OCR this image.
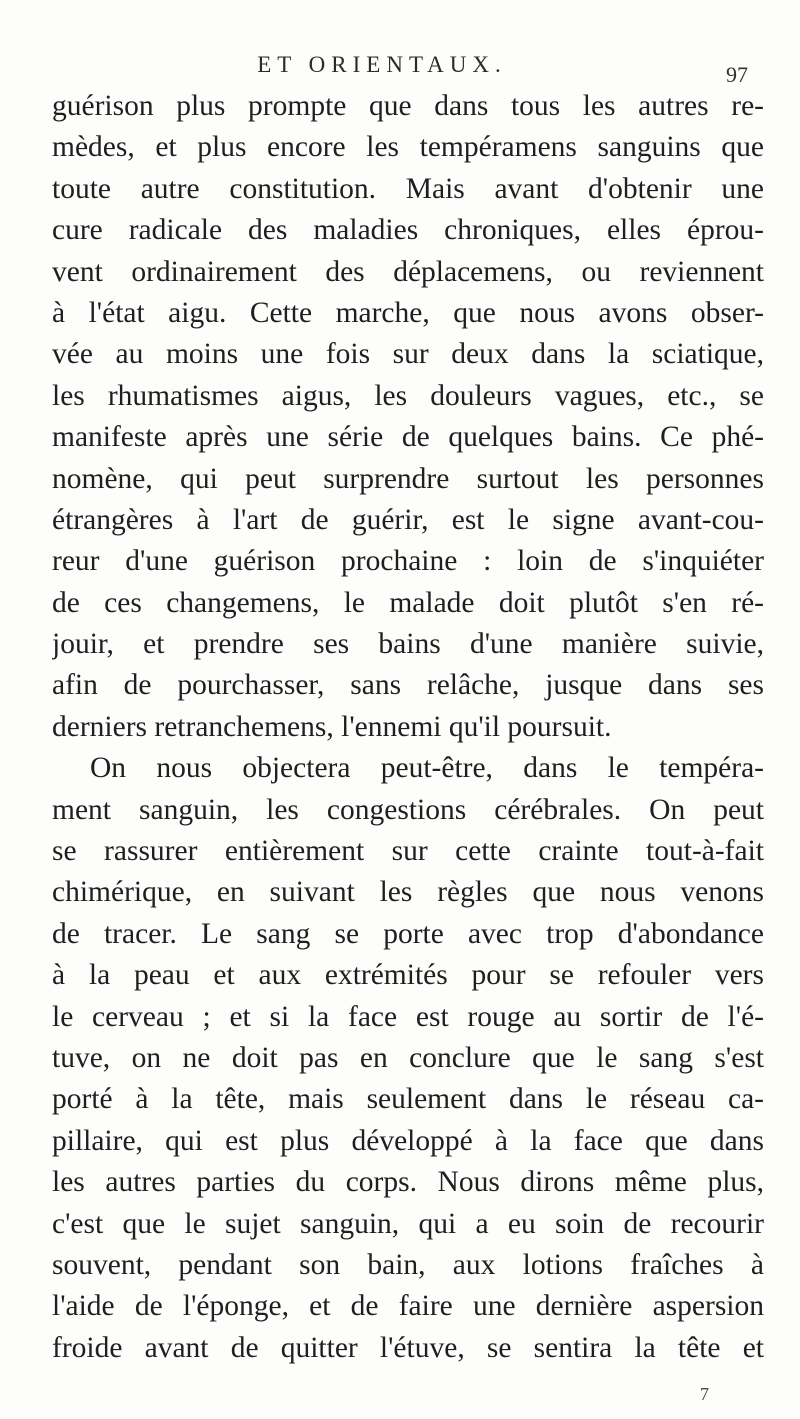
ET ORIENTAUX.	97
guérison plus prompte que dans tous les autres re-
mèdes, et plus encore les tempéramens sanguins que
toute autre constitution. Mais avant d'obtenir une
cure radicale des maladies chroniques, elles éprou-
vent ordinairement des déplacemens, ou reviennent
à l'état aigu. Cette marche, que nous avons obser-
vée au moins une fois sur deux dans la sciatique,
les rhumatismes aigus, les douleurs vagues, etc., se
manifeste après une série de quelques bains. Ce phé-
nomène, qui peut surprendre surtout les personnes
étrangères à l'art de guérir, est le signe avant-cou-
reur d'une guérison prochaine : loin de s'inquiéter
de ces changemens, le malade doit plutôt s'en ré-
jouir, et prendre ses bains d'une manière suivie,
afin de pourchasser, sans relâche, jusque dans ses
derniers retranchemens, l'ennemi qu'il poursuit.
On nous objectera peut-être, dans le tempéra-
ment sanguin, les congestions cérébrales. On peut
se rassurer entièrement sur cette crainte tout-à-fait
chimérique, en suivant les règles que nous venons
de tracer. Le sang se porte avec trop d'abondance
à la peau et aux extrémités pour se refouler vers
le cerveau ; et si la face est rouge au sortir de l'é-
tuve, on ne doit pas en conclure que le sang s'est
porté à la tête, mais seulement dans le réseau ca-
pillaire, qui est plus développé à la face que dans
les autres parties du corps. Nous dirons même plus,
c'est que le sujet sanguin, qui a eu soin de recourir
souvent, pendant son bain, aux lotions fraîches à
l'aide de l'éponge, et de faire une dernière aspersion
froide avant de quitter l'étuve, se sentira la tête et
7
